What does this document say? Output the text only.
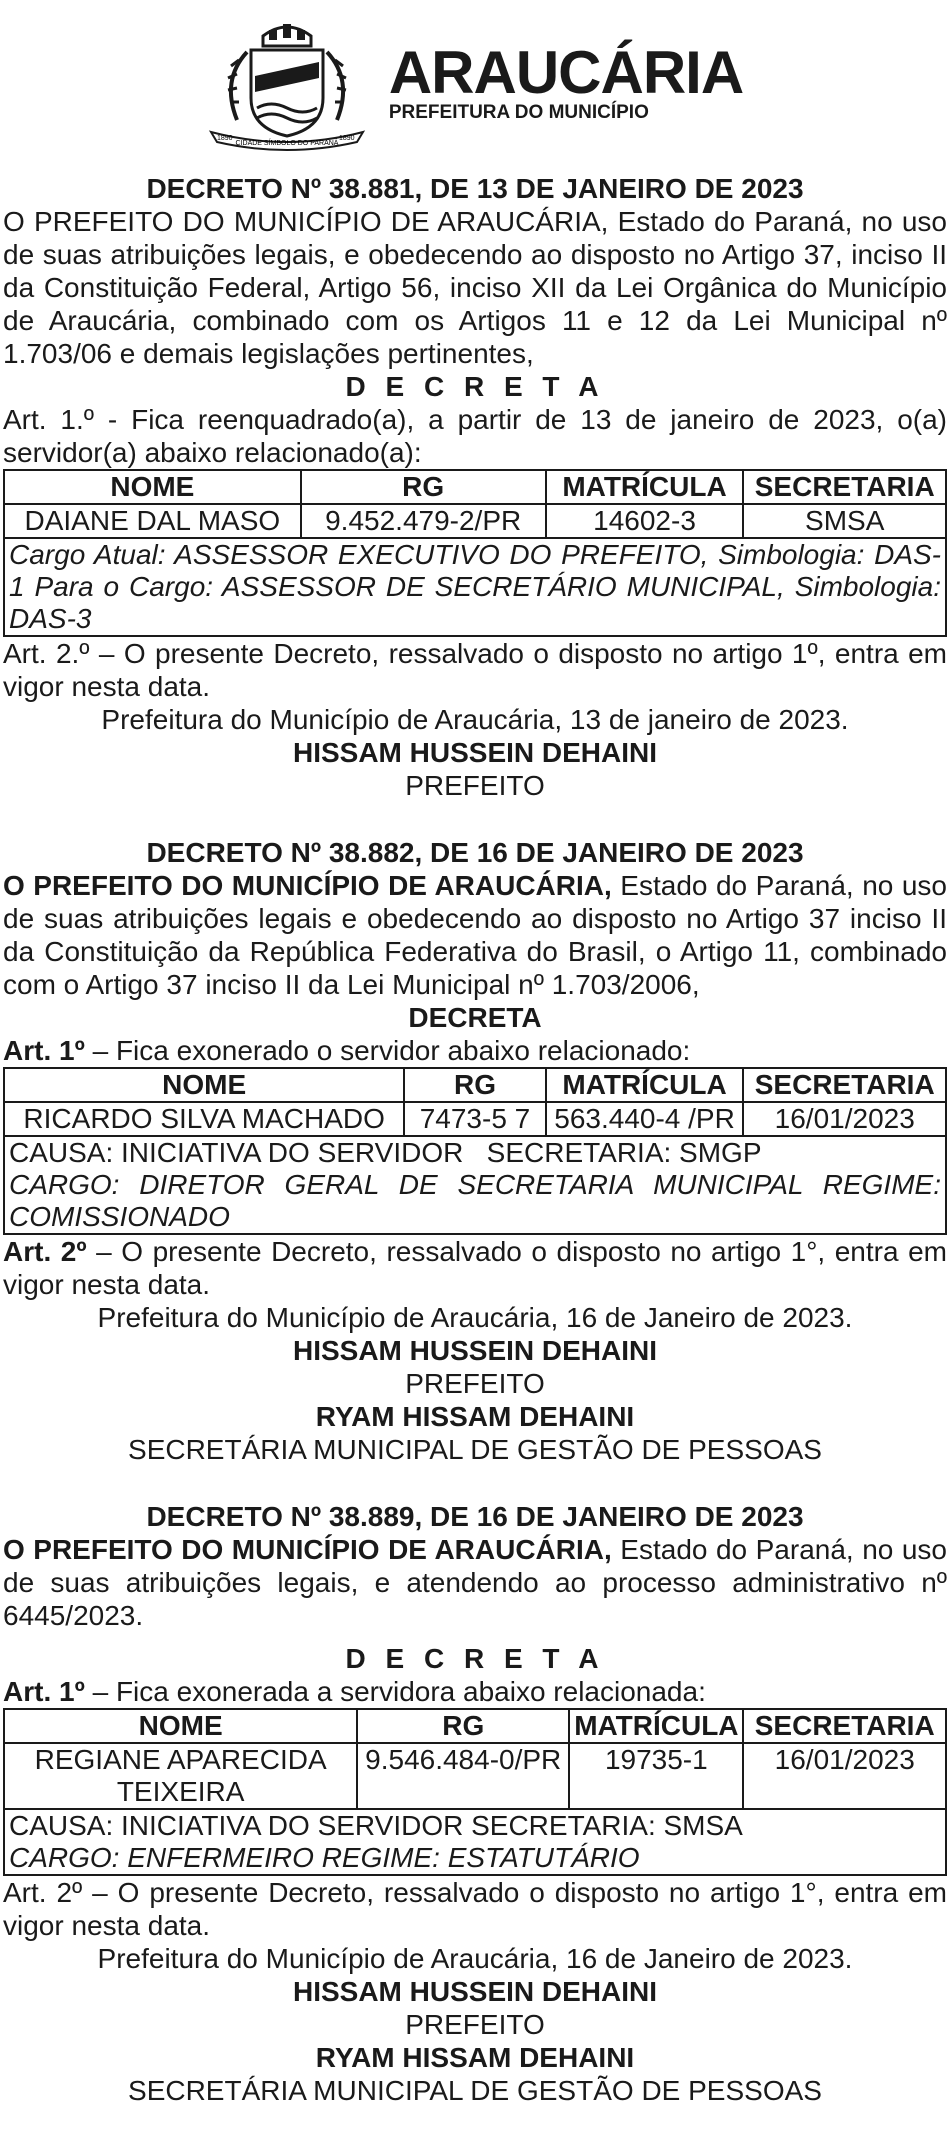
1890
CIDADE SÍMBOLO DO PARANÁ
1890
ARAUCÁRIA
PREFEITURA DO MUNICÍPIO
DECRETO Nº 38.881, DE 13 DE JANEIRO DE 2023
O PREFEITO DO MUNICÍPIO DE ARAUCÁRIA, Estado do Paraná, no uso de suas atribuições legais, e obedecendo ao disposto no Artigo 37, inciso II da Constituição Federal, Artigo 56, inciso XII da Lei Orgânica do Município de Araucária, combinado com os Artigos 11 e 12 da Lei Municipal nº 1.703/06 e demais legislações pertinentes,
D E C R E T A
Art. 1.º - Fica reenquadrado(a), a partir de 13 de janeiro de 2023, o(a) servidor(a) abaixo relacionado(a):
NOME	RG	MATRÍCULA	SECRETARIA
DAIANE DAL MASO	9.452.479-2/PR	14602-3	SMSA
Cargo Atual: ASSESSOR EXECUTIVO DO PREFEITO, Simbologia: DAS-1 Para o Cargo: ASSESSOR DE SECRETÁRIO MUNICIPAL, Simbologia: DAS-3			
Art. 2.º – O presente Decreto, ressalvado o disposto no artigo 1º, entra em vigor nesta data.
Prefeitura do Município de Araucária, 13 de janeiro de 2023.
HISSAM HUSSEIN DEHAINI
PREFEITO
DECRETO Nº 38.882, DE 16 DE JANEIRO DE 2023
O PREFEITO DO MUNICÍPIO DE ARAUCÁRIA, Estado do Paraná, no uso de suas atribuições legais e obedecendo ao disposto no Artigo 37 inciso II da Constituição da República Federativa do Brasil, o Artigo 11, combinado com o Artigo 37 inciso II da Lei Municipal nº 1.703/2006,
DECRETA
Art. 1º – Fica exonerado o servidor abaixo relacionado:
NOME	RG	MATRÍCULA	SECRETARIA
RICARDO SILVA MACHADO	7473-5 7	563.440-4 /PR	16/01/2023

CAUSA: INICIATIVA DO SERVIDOR   SECRETARIA: SMGP
CARGO: DIRETOR GERAL DE SECRETARIA MUNICIPAL REGIME: COMISSIONADO			
Art. 2º – O presente Decreto, ressalvado o disposto no artigo 1°, entra em vigor nesta data.
Prefeitura do Município de Araucária, 16 de Janeiro de 2023.
HISSAM HUSSEIN DEHAINI
PREFEITO
RYAM HISSAM DEHAINI
SECRETÁRIA MUNICIPAL DE GESTÃO DE PESSOAS
DECRETO Nº 38.889, DE 16 DE JANEIRO DE 2023
O PREFEITO DO MUNICÍPIO DE ARAUCÁRIA, Estado do Paraná, no uso de suas atribuições legais, e atendendo ao processo administrativo nº 6445/2023.
D E C R E T A
Art. 1º – Fica exonerada a servidora abaixo relacionada:
NOME	RG	MATRÍCULA	SECRETARIA
REGIANE APARECIDA TEIXEIRA	9.546.484-0/PR	19735-1	16/01/2023

CAUSA: INICIATIVA DO SERVIDOR SECRETARIA: SMSA
CARGO: ENFERMEIRO REGIME: ESTATUTÁRIO			
Art. 2º – O presente Decreto, ressalvado o disposto no artigo 1°, entra em vigor nesta data.
Prefeitura do Município de Araucária, 16 de Janeiro de 2023.
HISSAM HUSSEIN DEHAINI
PREFEITO
RYAM HISSAM DEHAINI
SECRETÁRIA MUNICIPAL DE GESTÃO DE PESSOAS
